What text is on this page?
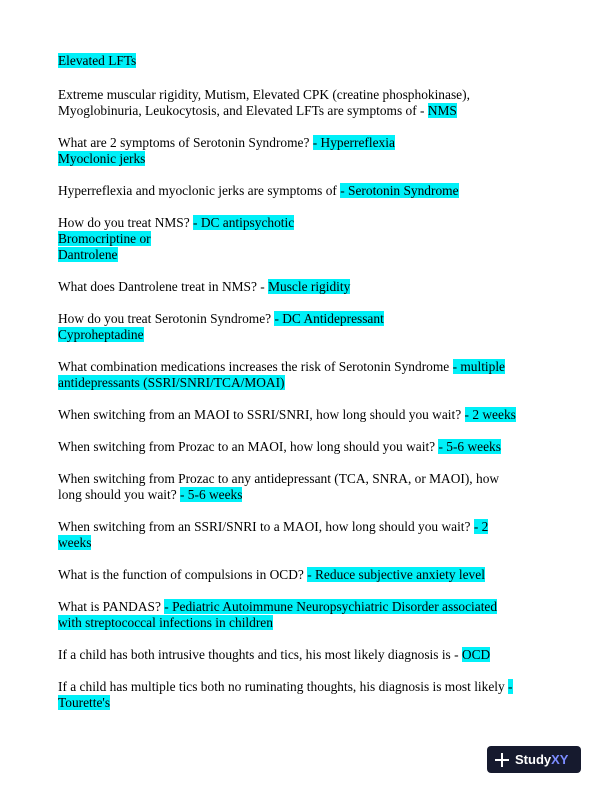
Elevated LFTs
Extreme muscular rigidity, Mutism, Elevated CPK (creatine phosphokinase),
Myoglobinuria, Leukocytosis, and Elevated LFTs are symptoms of - NMS
What are 2 symptoms of Serotonin Syndrome? - Hyperreflexia
Myoclonic jerks
Hyperreflexia and myoclonic jerks are symptoms of - Serotonin Syndrome
How do you treat NMS? - DC antipsychotic
Bromocriptine or
Dantrolene
What does Dantrolene treat in NMS? - Muscle rigidity
How do you treat Serotonin Syndrome? - DC Antidepressant
Cyproheptadine
What combination medications increases the risk of Serotonin Syndrome - multiple
antidepressants (SSRI/SNRI/TCA/MOAI)
When switching from an MAOI to SSRI/SNRI, how long should you wait? - 2 weeks
When switching from Prozac to an MAOI, how long should you wait? - 5-6 weeks
When switching from Prozac to any antidepressant (TCA, SNRA, or MAOI), how
long should you wait? - 5-6 weeks
When switching from an SSRI/SNRI to a MAOI, how long should you wait? - 2
weeks
What is the function of compulsions in OCD? - Reduce subjective anxiety level
What is PANDAS? - Pediatric Autoimmune Neuropsychiatric Disorder associated
with streptococcal infections in children
If a child has both intrusive thoughts and tics, his most likely diagnosis is - OCD
If a child has multiple tics both no ruminating thoughts, his diagnosis is most likely -
Tourette's
StudyXY
